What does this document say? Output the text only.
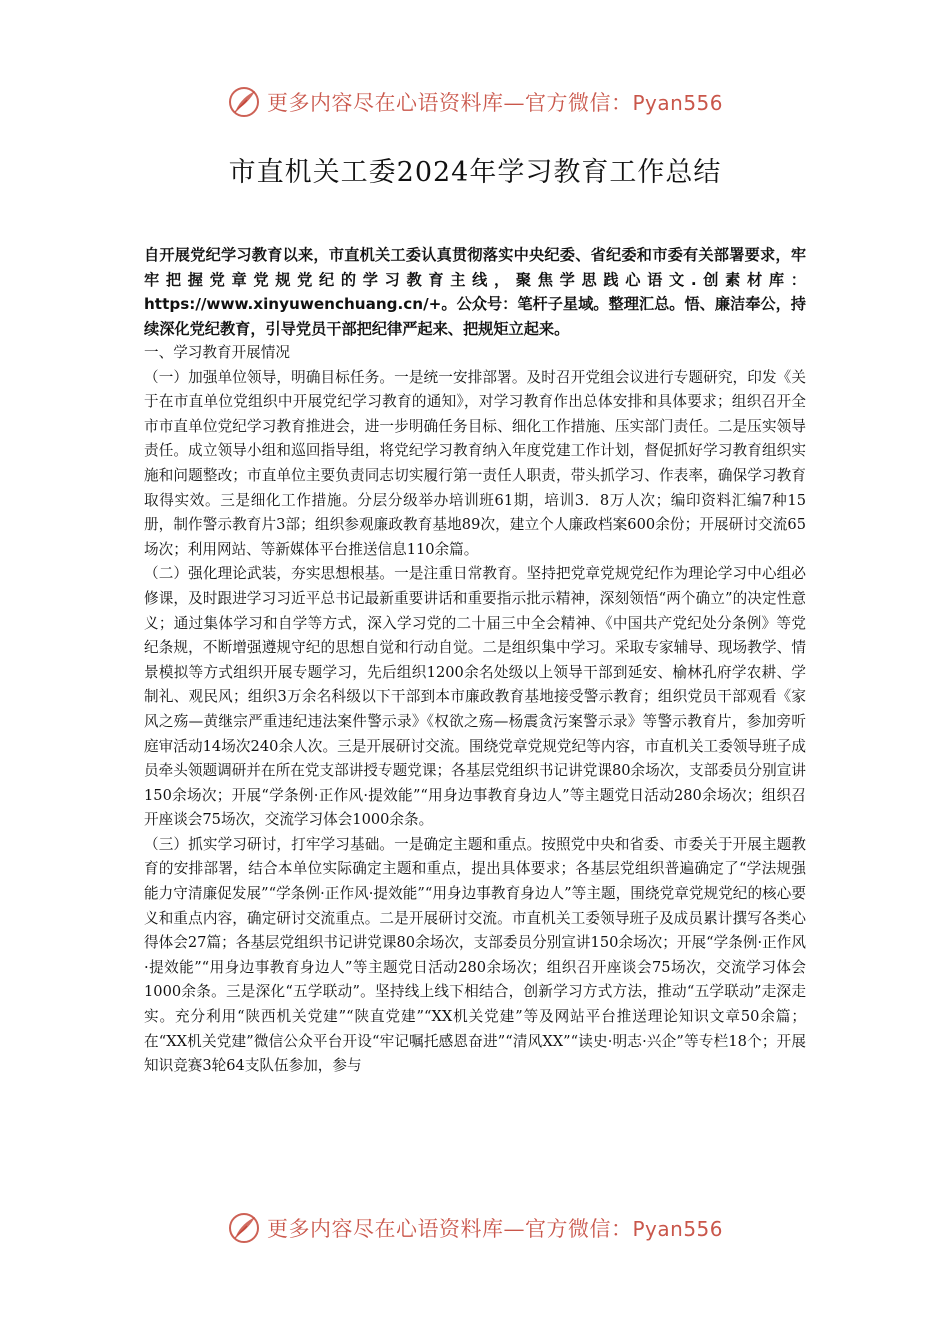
更多内容尽在心语资料库—官方微信：Pyan556
市直机关工委2024年学习教育工作总结

自开展党纪学习教育以来，市直机关工委认真贯彻落实中央纪委、省纪委和市委有关部署要求，牢牢把握党章党规党纪的学习教育主线，聚焦学思践心语文.创素材库：https://www.xinyuwenchuang.cn/+。公众号：笔杆子星域。整理汇总。悟、廉洁奉公，持续深化党纪教育，引导党员干部把纪律严起来、把规矩立起来。

一、学习教育开展情况

（一）加强单位领导，明确目标任务。一是统一安排部署。及时召开党组会议进行专题研究，印发《关于在市直单位党组织中开展党纪学习教育的通知》，对学习教育作出总体安排和具体要求；组织召开全市市直单位党纪学习教育推进会，进一步明确任务目标、细化工作措施、压实部门责任。二是压实领导责任。成立领导小组和巡回指导组，将党纪学习教育纳入年度党建工作计划，督促抓好学习教育组织实施和问题整改；市直单位主要负责同志切实履行第一责任人职责，带头抓学习、作表率，确保学习教育取得实效。三是细化工作措施。分层分级举办培训班61期，培训3．8万人次；编印资料汇编7种15册，制作警示教育片3部；组织参观廉政教育基地89次，建立个人廉政档案600余份；开展研讨交流65场次；利用网站、等新媒体平台推送信息110余篇。

（二）强化理论武装，夯实思想根基。一是注重日常教育。坚持把党章党规党纪作为理论学习中心组必修课，及时跟进学习习近平总书记最新重要讲话和重要指示批示精神，深刻领悟“两个确立”的决定性意义；通过集体学习和自学等方式，深入学习党的二十届三中全会精神、《中国共产党纪处分条例》等党纪条规，不断增强遵规守纪的思想自觉和行动自觉。二是组织集中学习。采取专家辅导、现场教学、情景模拟等方式组织开展专题学习，先后组织1200余名处级以上领导干部到延安、榆林孔府学农耕、学制礼、观民风；组织3万余名科级以下干部到本市廉政教育基地接受警示教育；组织党员干部观看《家风之殇—黄继宗严重违纪违法案件警示录》《权欲之殇—杨震贪污案警示录》等警示教育片，参加旁听庭审活动14场次240余人次。三是开展研讨交流。围绕党章党规党纪等内容，市直机关工委领导班子成员牵头领题调研并在所在党支部讲授专题党课；各基层党组织书记讲党课80余场次，支部委员分别宣讲150余场次；开展“学条例·正作风·提效能”“用身边事教育身边人”等主题党日活动280余场次；组织召开座谈会75场次，交流学习体会1000余条。

（三）抓实学习研讨，打牢学习基础。一是确定主题和重点。按照党中央和省委、市委关于开展主题教育的安排部署，结合本单位实际确定主题和重点，提出具体要求；各基层党组织普遍确定了“学法规强能力守清廉促发展”“学条例·正作风·提效能”“用身边事教育身边人”等主题，围绕党章党规党纪的核心要义和重点内容，确定研讨交流重点。二是开展研讨交流。市直机关工委领导班子及成员累计撰写各类心得体会27篇；各基层党组织书记讲党课80余场次，支部委员分别宣讲150余场次；开展“学条例·正作风·提效能”“用身边事教育身边人”等主题党日活动280余场次；组织召开座谈会75场次，交流学习体会1000余条。三是深化“五学联动”。坚持线上线下相结合，创新学习方式方法，推动“五学联动”走深走实。充分利用“陕西机关党建”“陕直党建”“XX机关党建”等及网站平台推送理论知识文章50余篇；在“XX机关党建”微信公众平台开设“牢记嘱托感恩奋进”“清风XX”“读史·明志·兴企”等专栏18个；开展知识竞赛3轮64支队伍参加，参与

更多内容尽在心语资料库—官方微信：Pyan556
